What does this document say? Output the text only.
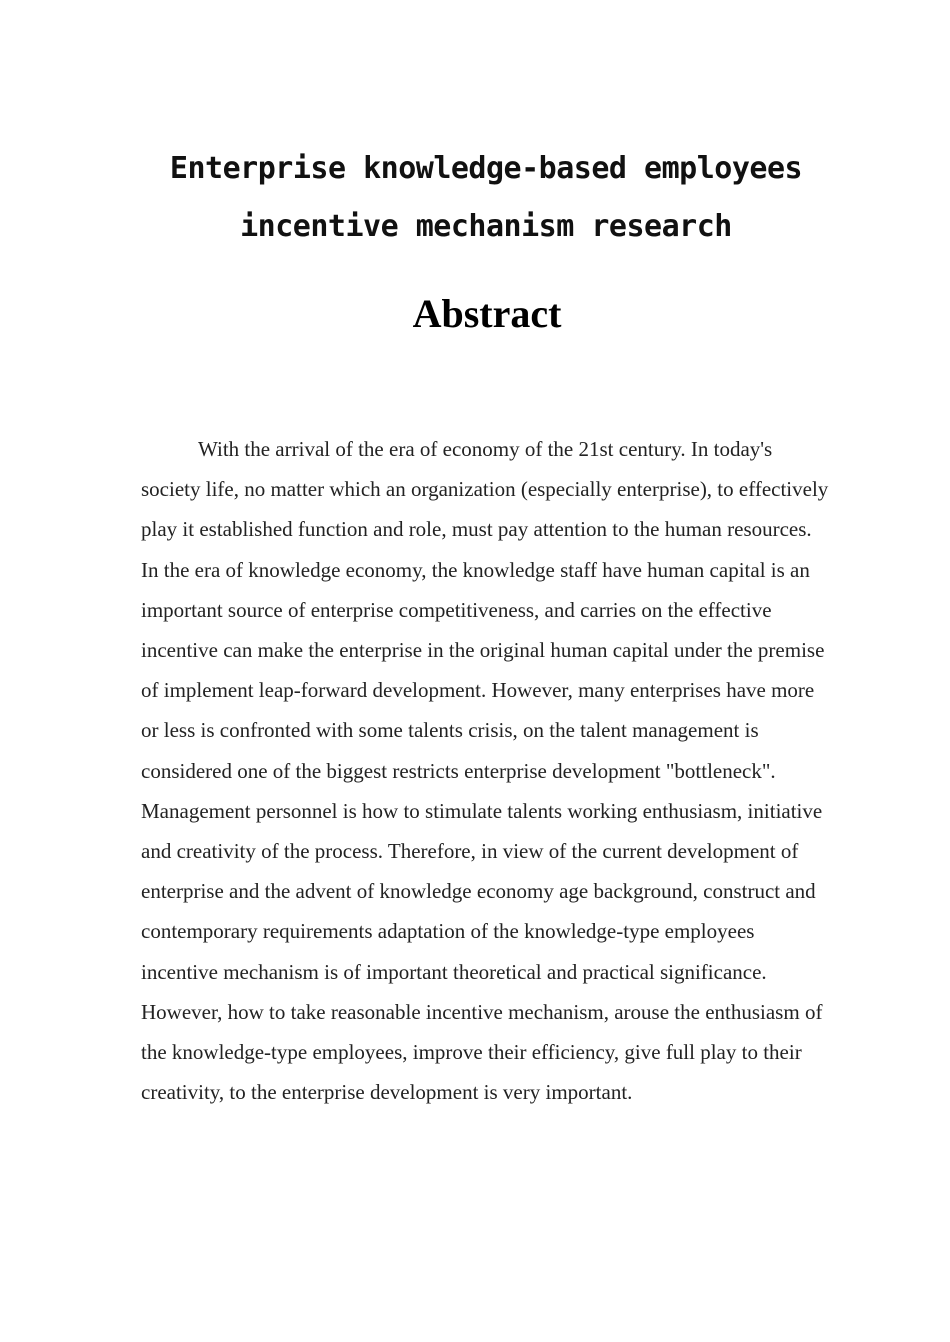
Enterprise knowledge-based employees
incentive mechanism research
Abstract

With the arrival of the era of economy of the 21st century. In today's society life, no matter which an organization (especially enterprise), to effectively play it established function and role, must pay attention to the human resources. In the era of knowledge economy, the knowledge staff have human capital is an important source of enterprise competitiveness, and carries on the effective incentive can make the enterprise in the original human capital under the premise of implement leap-forward development. However, many enterprises have more or less is confronted with some talents crisis, on the talent management is considered one of the biggest restricts enterprise development "bottleneck". Management personnel is how to stimulate talents working enthusiasm, initiative and creativity of the process. Therefore, in view of the current development of enterprise and the advent of knowledge economy age background, construct and contemporary requirements adaptation of the knowledge-type employees incentive mechanism is of important theoretical and practical significance. However, how to take reasonable incentive mechanism, arouse the enthusiasm of the knowledge-type employees, improve their efficiency, give full play to their creativity, to the enterprise development is very important.
